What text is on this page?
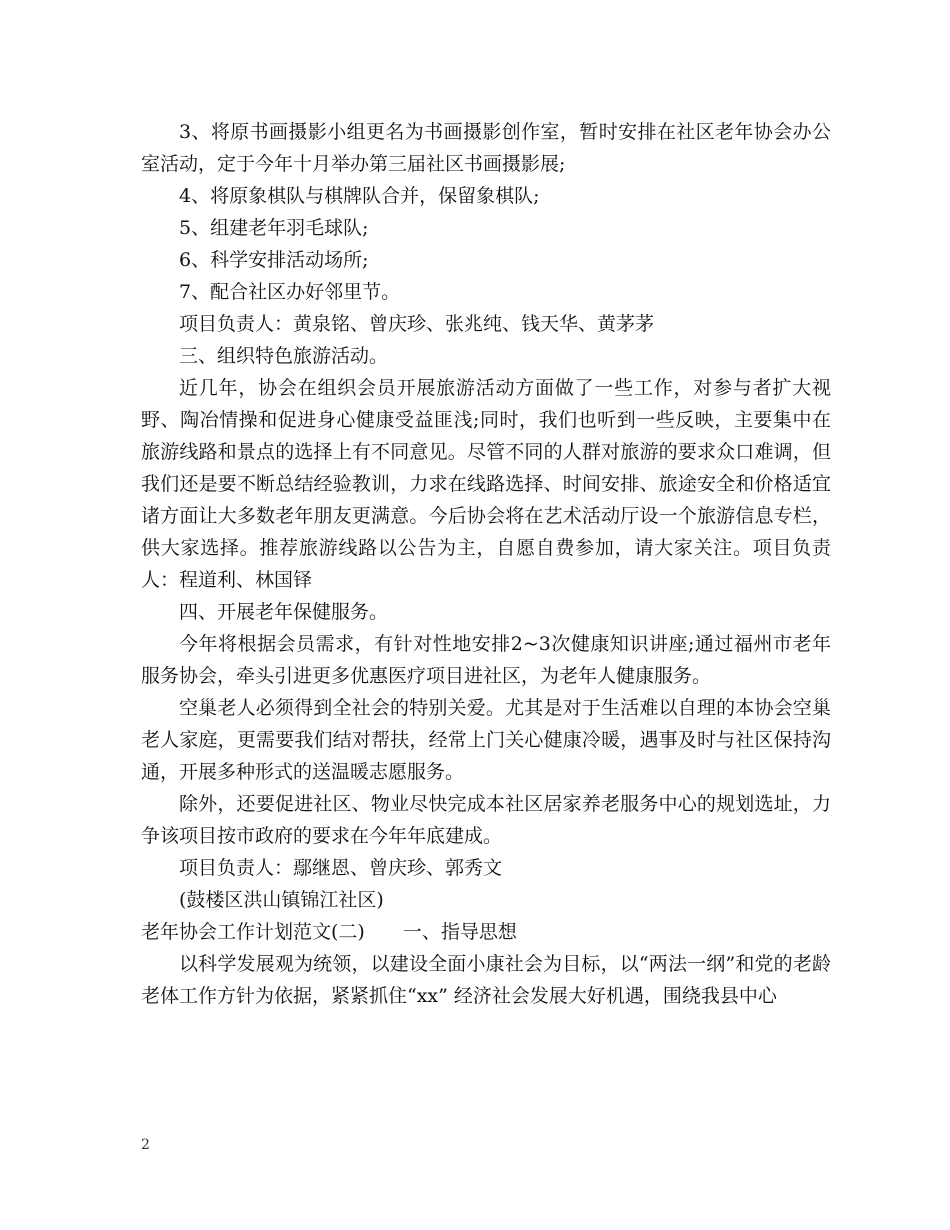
3、将原书画摄影小组更名为书画摄影创作室，暂时安排在社区老年协会办公室活动，定于今年十月举办第三届社区书画摄影展;

4、将原象棋队与棋牌队合并，保留象棋队;

5、组建老年羽毛球队;

6、科学安排活动场所;

7、配合社区办好邻里节。

项目负责人：黄泉铭、曾庆珍、张兆纯、钱天华、黄茅茅

三、组织特色旅游活动。

近几年，协会在组织会员开展旅游活动方面做了一些工作，对参与者扩大视野、陶冶情操和促进身心健康受益匪浅;同时，我们也听到一些反映，主要集中在旅游线路和景点的选择上有不同意见。尽管不同的人群对旅游的要求众口难调，但我们还是要不断总结经验教训，力求在线路选择、时间安排、旅途安全和价格适宜诸方面让大多数老年朋友更满意。今后协会将在艺术活动厅设一个旅游信息专栏，供大家选择。推荐旅游线路以公告为主，自愿自费参加，请大家关注。项目负责人：程道利、林国铎

四、开展老年保健服务。

今年将根据会员需求，有针对性地安排2~3次健康知识讲座;通过福州市老年服务协会，牵头引进更多优惠医疗项目进社区，为老年人健康服务。

空巢老人必须得到全社会的特别关爱。尤其是对于生活难以自理的本协会空巢老人家庭，更需要我们结对帮扶，经常上门关心健康冷暖，遇事及时与社区保持沟通，开展多种形式的送温暖志愿服务。

除外，还要促进社区、物业尽快完成本社区居家养老服务中心的规划选址，力争该项目按市政府的要求在今年年底建成。

项目负责人：鄢继恩、曾庆珍、郭秀文

(鼓楼区洪山镇锦江社区)

老年协会工作计划范文(二)　　一、指导思想

以科学发展观为统领，以建设全面小康社会为目标，以“两法一纲”和党的老龄老体工作方针为依据，紧紧抓住“xx” 经济社会发展大好机遇，围绕我县中心

2
